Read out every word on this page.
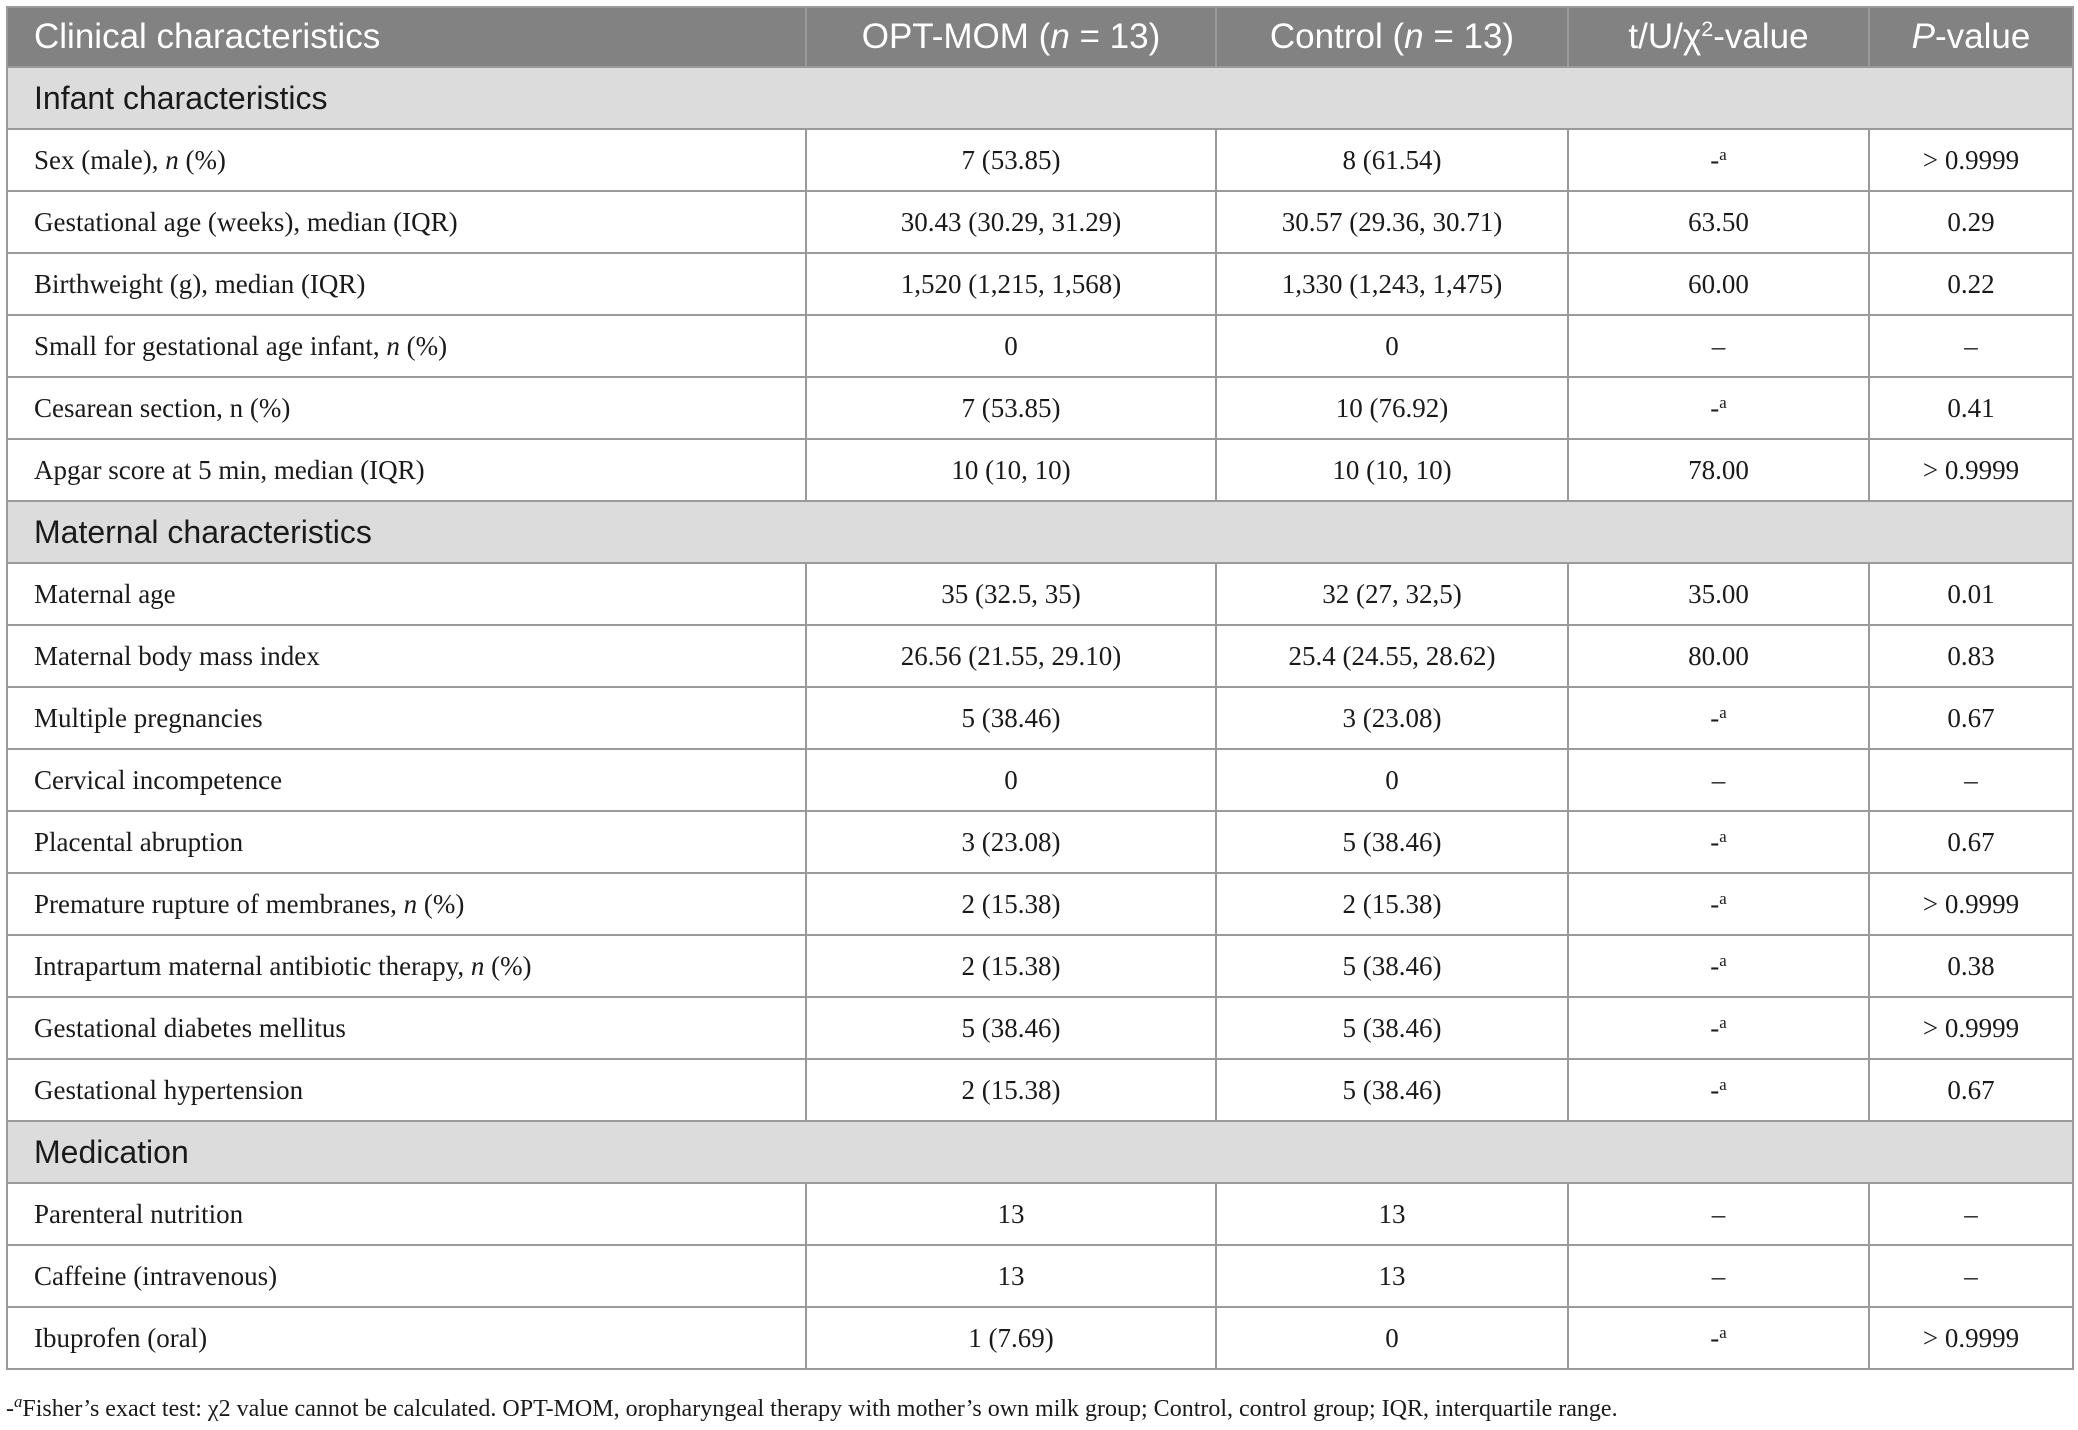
Clinical characteristics	OPT-MOM (n = 13)	Control (n = 13)	$t/U/\chi^2$-value	P-value
Infant characteristics				
Sex (male), n (%)	7 (53.85)	8 (61.54)	-$^a$	> 0.9999
Gestational age (weeks), median (IQR)	30.43 (30.29, 31.29)	30.57 (29.36, 30.71)	63.50	0.29
Birthweight (g), median (IQR)	1,520 (1,215, 1,568)	1,330 (1,243, 1,475)	60.00	0.22
Small for gestational age infant, n (%)	0	0	–	–
Cesarean section, n (%)	7 (53.85)	10 (76.92)	-$^a$	0.41
Apgar score at 5 min, median (IQR)	10 (10, 10)	10 (10, 10)	78.00	> 0.9999
Maternal characteristics				
Maternal age	35 (32.5, 35)	32 (27, 32,5)	35.00	0.01
Maternal body mass index	26.56 (21.55, 29.10)	25.4 (24.55, 28.62)	80.00	0.83
Multiple pregnancies	5 (38.46)	3 (23.08)	-$^a$	0.67
Cervical incompetence	0	0	–	–
Placental abruption	3 (23.08)	5 (38.46)	-$^a$	0.67
Premature rupture of membranes, n (%)	2 (15.38)	2 (15.38)	-$^a$	> 0.9999
Intrapartum maternal antibiotic therapy, n (%)	2 (15.38)	5 (38.46)	-$^a$	0.38
Gestational diabetes mellitus	5 (38.46)	5 (38.46)	-$^a$	> 0.9999
Gestational hypertension	2 (15.38)	5 (38.46)	-$^a$	0.67
Medication				
Parenteral nutrition	13	13	–	–
Caffeine (intravenous)	13	13	–	–
Ibuprofen (oral)	1 (7.69)	0	-$^a$	> 0.9999
-$^a$Fisher’s exact test: χ2 value cannot be calculated. OPT-MOM, oropharyngeal therapy with mother’s own milk group; Control, control group; IQR, interquartile range.
